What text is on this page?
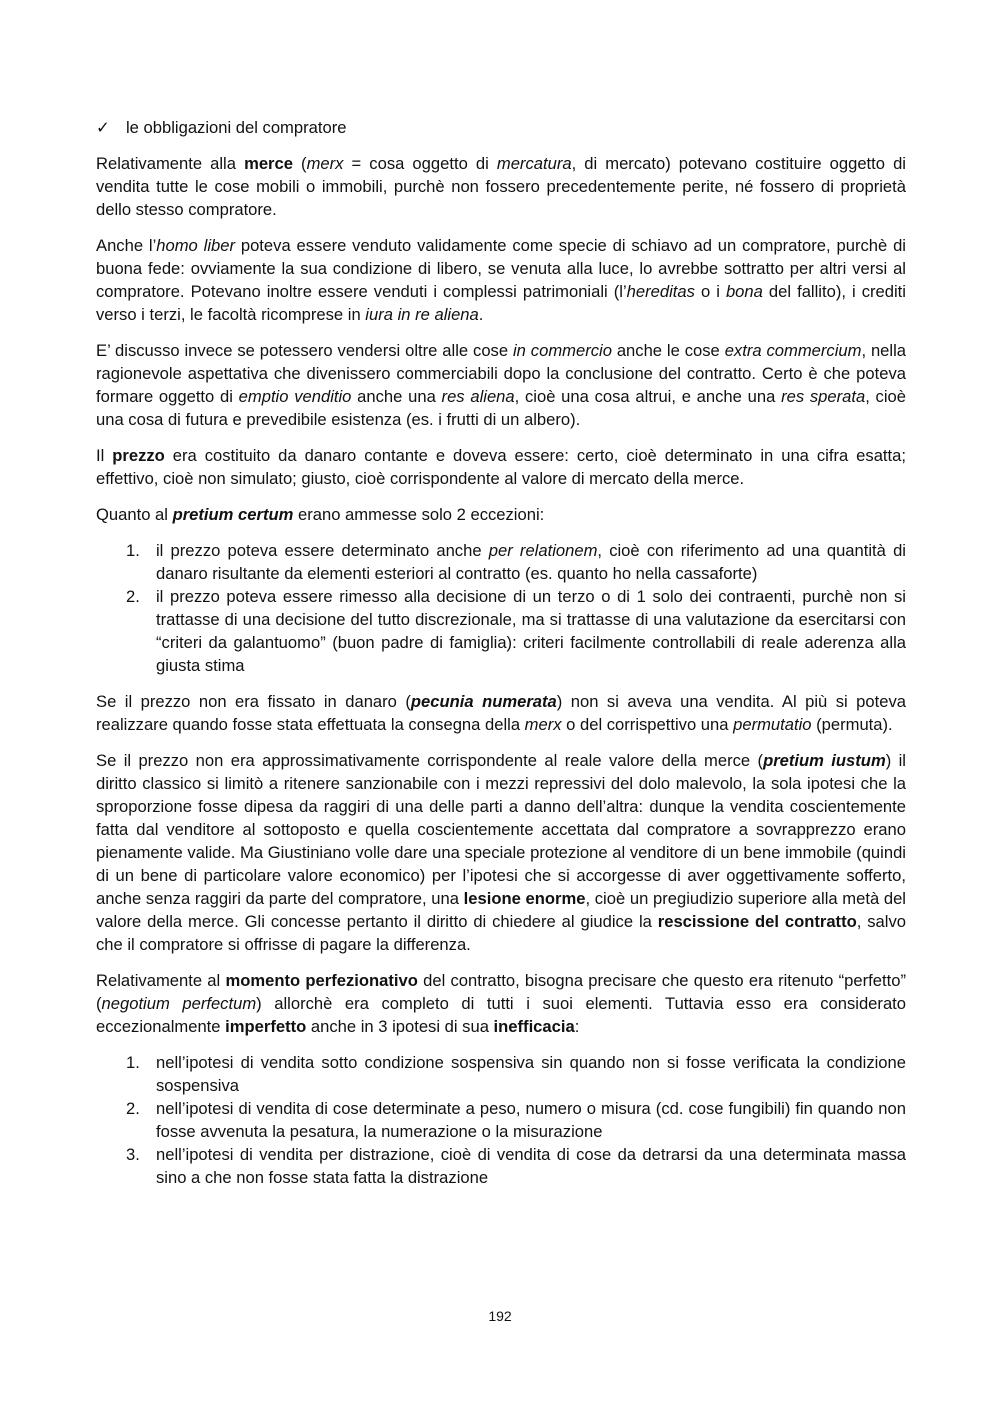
✓ le obbligazioni del compratore

Relativamente alla merce (merx = cosa oggetto di mercatura, di mercato) potevano costituire oggetto di vendita tutte le cose mobili o immobili, purchè non fossero precedentemente perite, né fossero di proprietà dello stesso compratore.

Anche l’homo liber poteva essere venduto validamente come specie di schiavo ad un compratore, purchè di buona fede: ovviamente la sua condizione di libero, se venuta alla luce, lo avrebbe sottratto per altri versi al compratore. Potevano inoltre essere venduti i complessi patrimoniali (l’hereditas o i bona del fallito), i crediti verso i terzi, le facoltà ricomprese in iura in re aliena.

E’ discusso invece se potessero vendersi oltre alle cose in commercio anche le cose extra commercium, nella ragionevole aspettativa che divenissero commerciabili dopo la conclusione del contratto. Certo è che poteva formare oggetto di emptio venditio anche una res aliena, cioè una cosa altrui, e anche una res sperata, cioè una cosa di futura e prevedibile esistenza (es. i frutti di un albero).

Il prezzo era costituito da danaro contante e doveva essere: certo, cioè determinato in una cifra esatta; effettivo, cioè non simulato; giusto, cioè corrispondente al valore di mercato della merce.

Quanto al pretium certum erano ammesse solo 2 eccezioni:

1. il prezzo poteva essere determinato anche per relationem, cioè con riferimento ad una quantità di danaro risultante da elementi esteriori al contratto (es. quanto ho nella cassaforte)
2. il prezzo poteva essere rimesso alla decisione di un terzo o di 1 solo dei contraenti, purchè non si trattasse di una decisione del tutto discrezionale, ma si trattasse di una valutazione da esercitarsi con “criteri da galantuomo” (buon padre di famiglia): criteri facilmente controllabili di reale aderenza alla giusta stima

Se il prezzo non era fissato in danaro (pecunia numerata) non si aveva una vendita. Al più si poteva realizzare quando fosse stata effettuata la consegna della merx o del corrispettivo una permutatio (permuta).

Se il prezzo non era approssimativamente corrispondente al reale valore della merce (pretium iustum) il diritto classico si limitò a ritenere sanzionabile con i mezzi repressivi del dolo malevolo, la sola ipotesi che la sproporzione fosse dipesa da raggiri di una delle parti a danno dell’altra: dunque la vendita coscientemente fatta dal venditore al sottoposto e quella coscientemente accettata dal compratore a sovrapprezzo erano pienamente valide. Ma Giustiniano volle dare una speciale protezione al venditore di un bene immobile (quindi di un bene di particolare valore economico) per l’ipotesi che si accorgesse di aver oggettivamente sofferto, anche senza raggiri da parte del compratore, una lesione enorme, cioè un pregiudizio superiore alla metà del valore della merce. Gli concesse pertanto il diritto di chiedere al giudice la rescissione del contratto, salvo che il compratore si offrisse di pagare la differenza.

Relativamente al momento perfezionativo del contratto, bisogna precisare che questo era ritenuto “perfetto” (negotium perfectum) allorchè era completo di tutti i suoi elementi. Tuttavia esso era considerato eccezionalmente imperfetto anche in 3 ipotesi di sua inefficacia:

1. nell’ipotesi di vendita sotto condizione sospensiva sin quando non si fosse verificata la condizione sospensiva
2. nell’ipotesi di vendita di cose determinate a peso, numero o misura (cd. cose fungibili) fin quando non fosse avvenuta la pesatura, la numerazione o la misurazione
3. nell’ipotesi di vendita per distrazione, cioè di vendita di cose da detrarsi da una determinata massa sino a che non fosse stata fatta la distrazione
192
